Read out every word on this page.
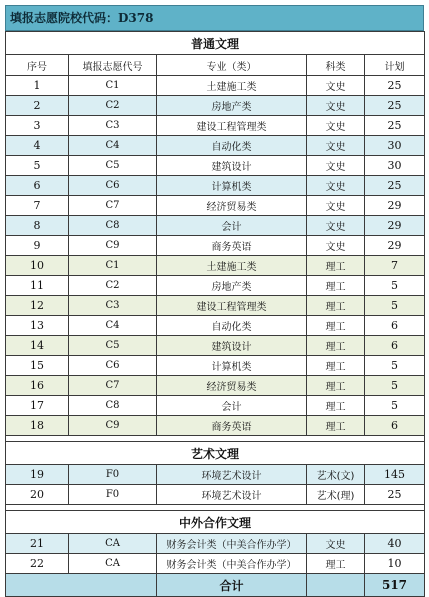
填报志愿院校代码：D378
普通文理				
序号	填报志愿代号	专业（类）	科类	计划
1	C1	土建施工类	文史	25
2	C2	房地产类	文史	25
3	C3	建设工程管理类	文史	25
4	C4	自动化类	文史	30
5	C5	建筑设计	文史	30
6	C6	计算机类	文史	25
7	C7	经济贸易类	文史	29
8	C8	会计	文史	29
9	C9	商务英语	文史	29
10	C1	土建施工类	理工	7
11	C2	房地产类	理工	5
12	C3	建设工程管理类	理工	5
13	C4	自动化类	理工	6
14	C5	建筑设计	理工	6
15	C6	计算机类	理工	5
16	C7	经济贸易类	理工	5
17	C8	会计	理工	5
18	C9	商务英语	理工	6

艺术文理				
19	F0	环境艺术设计	艺术(文)	145
20	F0	环境艺术设计	艺术(理)	25

中外合作文理				
21	CA	财务会计类（中美合作办学）	文史	40
22	CA	财务会计类（中美合作办学）	理工	10
		合计		517
